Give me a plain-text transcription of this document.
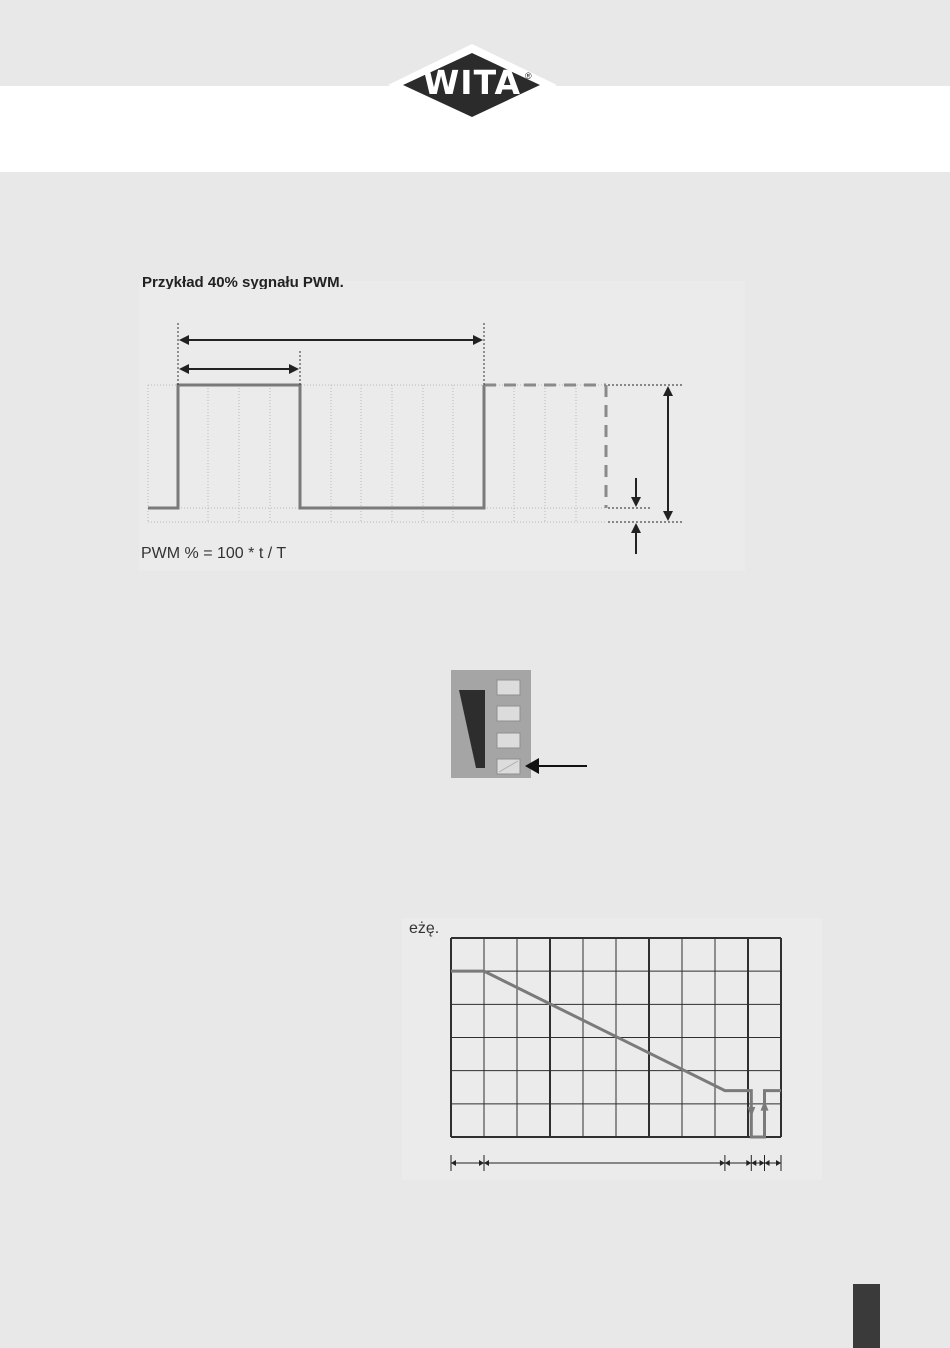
WITA ®
Przykład 40% sygnału PWM.
PWM % = 100 * t / T
eżę.
